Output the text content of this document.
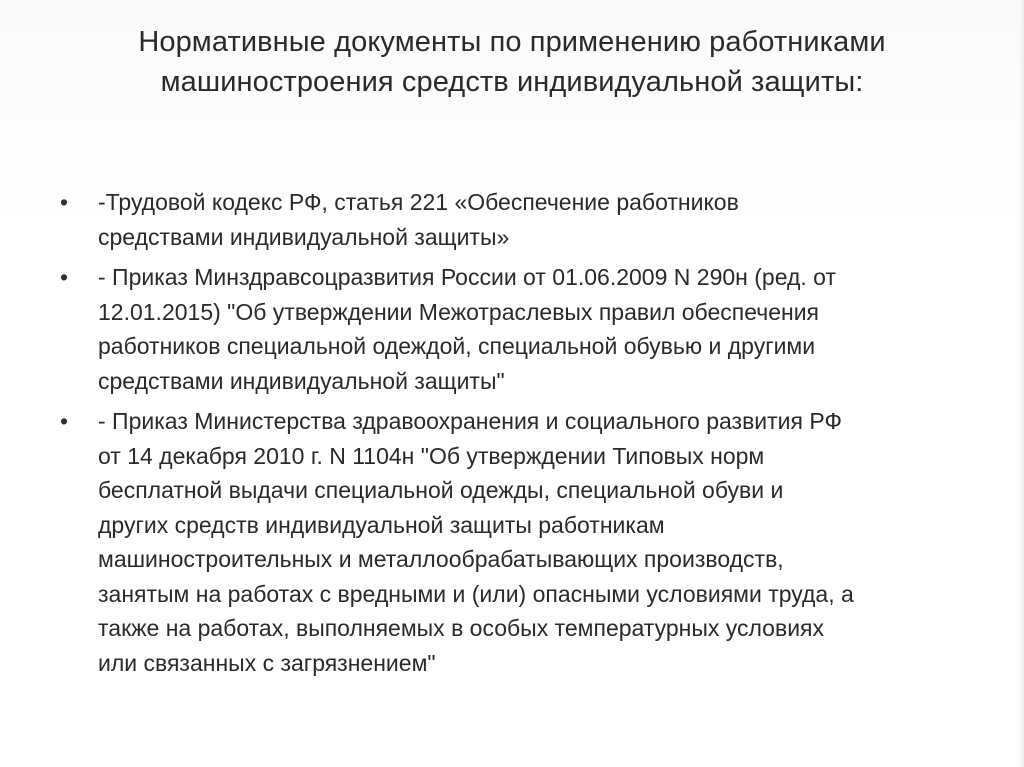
Нормативные документы по применению работниками машиностроения средств индивидуальной защиты:
•	-Трудовой кодекс РФ, статья 221 «Обеспечение работников
средствами индивидуальной защиты»
•	- Приказ Минздравсоцразвития России от 01.06.2009 N 290н (ред. от
12.01.2015) "Об утверждении Межотраслевых правил обеспечения
работников специальной одеждой, специальной обувью и другими
средствами индивидуальной защиты"
•	- Приказ Министерства здравоохранения и социального развития РФ
от 14 декабря 2010 г. N 1104н "Об утверждении Типовых норм
бесплатной выдачи специальной одежды, специальной обуви и
других средств индивидуальной защиты работникам
машиностроительных и металлообрабатывающих производств,
занятым на работах с вредными и (или) опасными условиями труда, а
также на работах, выполняемых в особых температурных условиях
или связанных с загрязнением"
